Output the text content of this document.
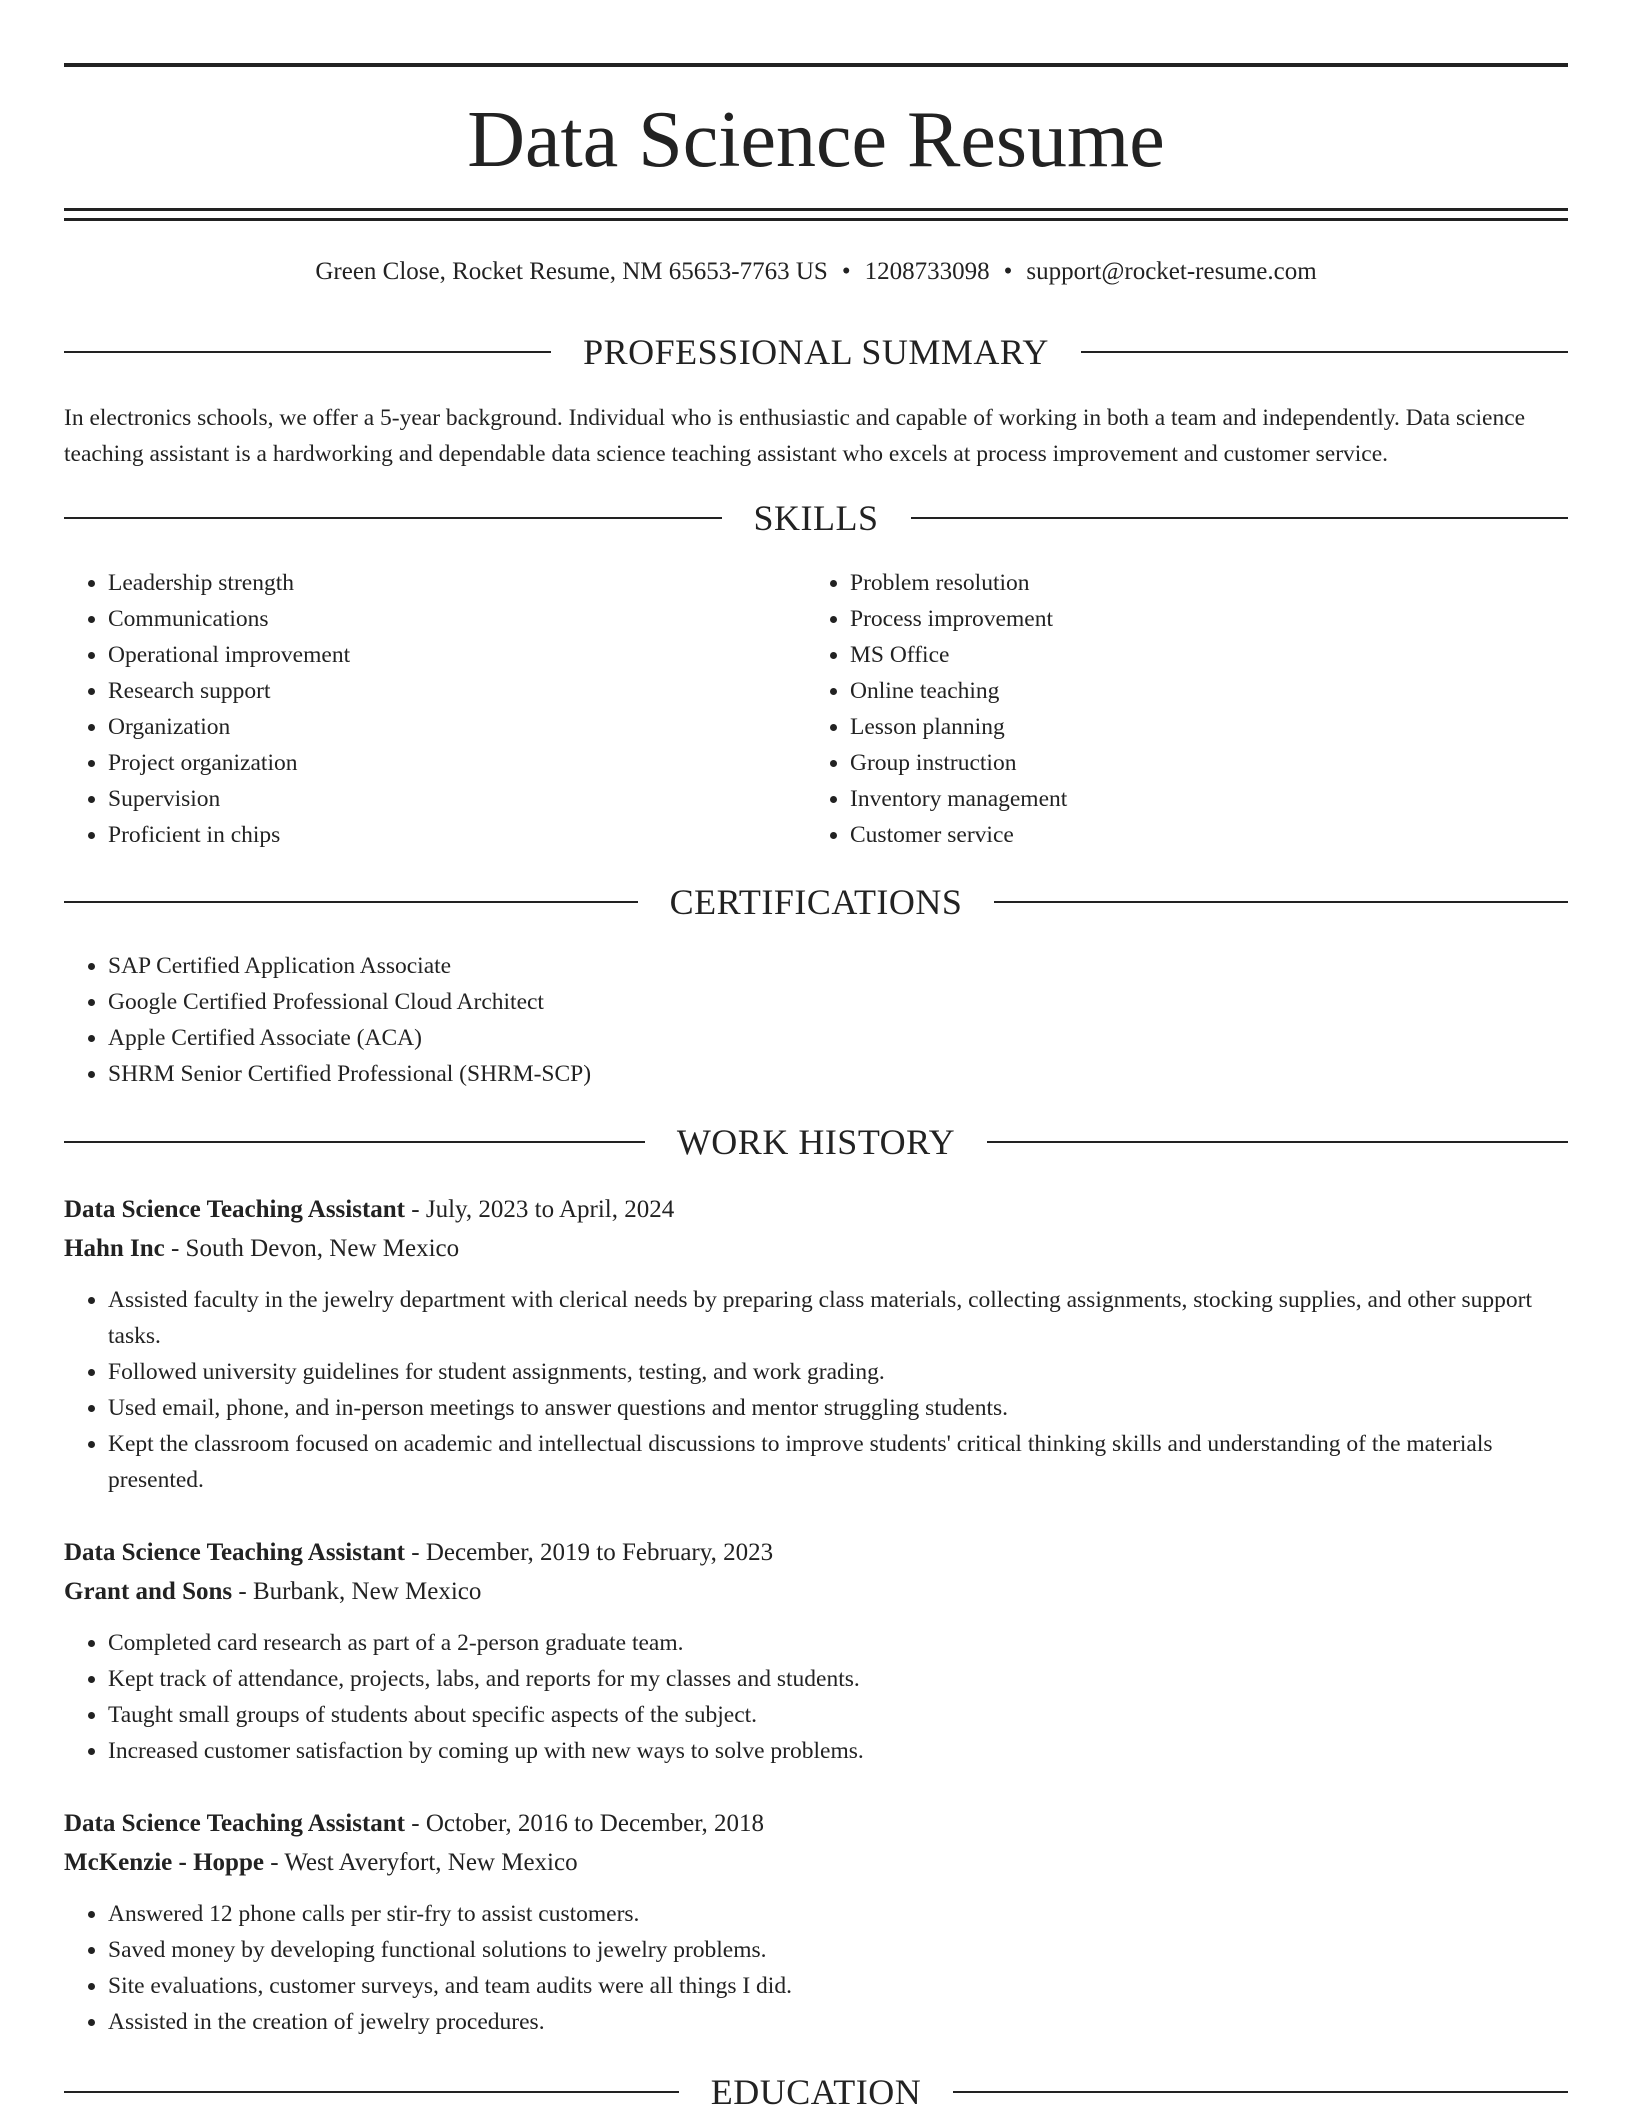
Data Science Resume
Green Close, Rocket Resume, NM 65653-7763 US • 1208733098 • support@rocket-resume.com
PROFESSIONAL SUMMARY

In electronics schools, we offer a 5-year background. Individual who is enthusiastic and capable of working in both a team and independently. Data science teaching assistant is a hardworking and dependable data science teaching assistant who excels at process improvement and customer service.

SKILLS
• Leadership strength
• Communications
• Operational improvement
• Research support
• Organization
• Project organization
• Supervision
• Proficient in chips
• Problem resolution
• Process improvement
• MS Office
• Online teaching
• Lesson planning
• Group instruction
• Inventory management
• Customer service
CERTIFICATIONS
• SAP Certified Application Associate
• Google Certified Professional Cloud Architect
• Apple Certified Associate (ACA)
• SHRM Senior Certified Professional (SHRM-SCP)
WORK HISTORY
Data Science Teaching Assistant - July, 2023 to April, 2024
Hahn Inc - South Devon, New Mexico
• Assisted faculty in the jewelry department with clerical needs by preparing class materials, collecting assignments, stocking supplies, and other support tasks.
• Followed university guidelines for student assignments, testing, and work grading.
• Used email, phone, and in-person meetings to answer questions and mentor struggling students.
• Kept the classroom focused on academic and intellectual discussions to improve students' critical thinking skills and understanding of the materials presented.
Data Science Teaching Assistant - December, 2019 to February, 2023
Grant and Sons - Burbank, New Mexico
• Completed card research as part of a 2-person graduate team.
• Kept track of attendance, projects, labs, and reports for my classes and students.
• Taught small groups of students about specific aspects of the subject.
• Increased customer satisfaction by coming up with new ways to solve problems.
Data Science Teaching Assistant - October, 2016 to December, 2018
McKenzie - Hoppe - West Averyfort, New Mexico
• Answered 12 phone calls per stir-fry to assist customers.
• Saved money by developing functional solutions to jewelry problems.
• Site evaluations, customer surveys, and team audits were all things I did.
• Assisted in the creation of jewelry procedures.
EDUCATION
